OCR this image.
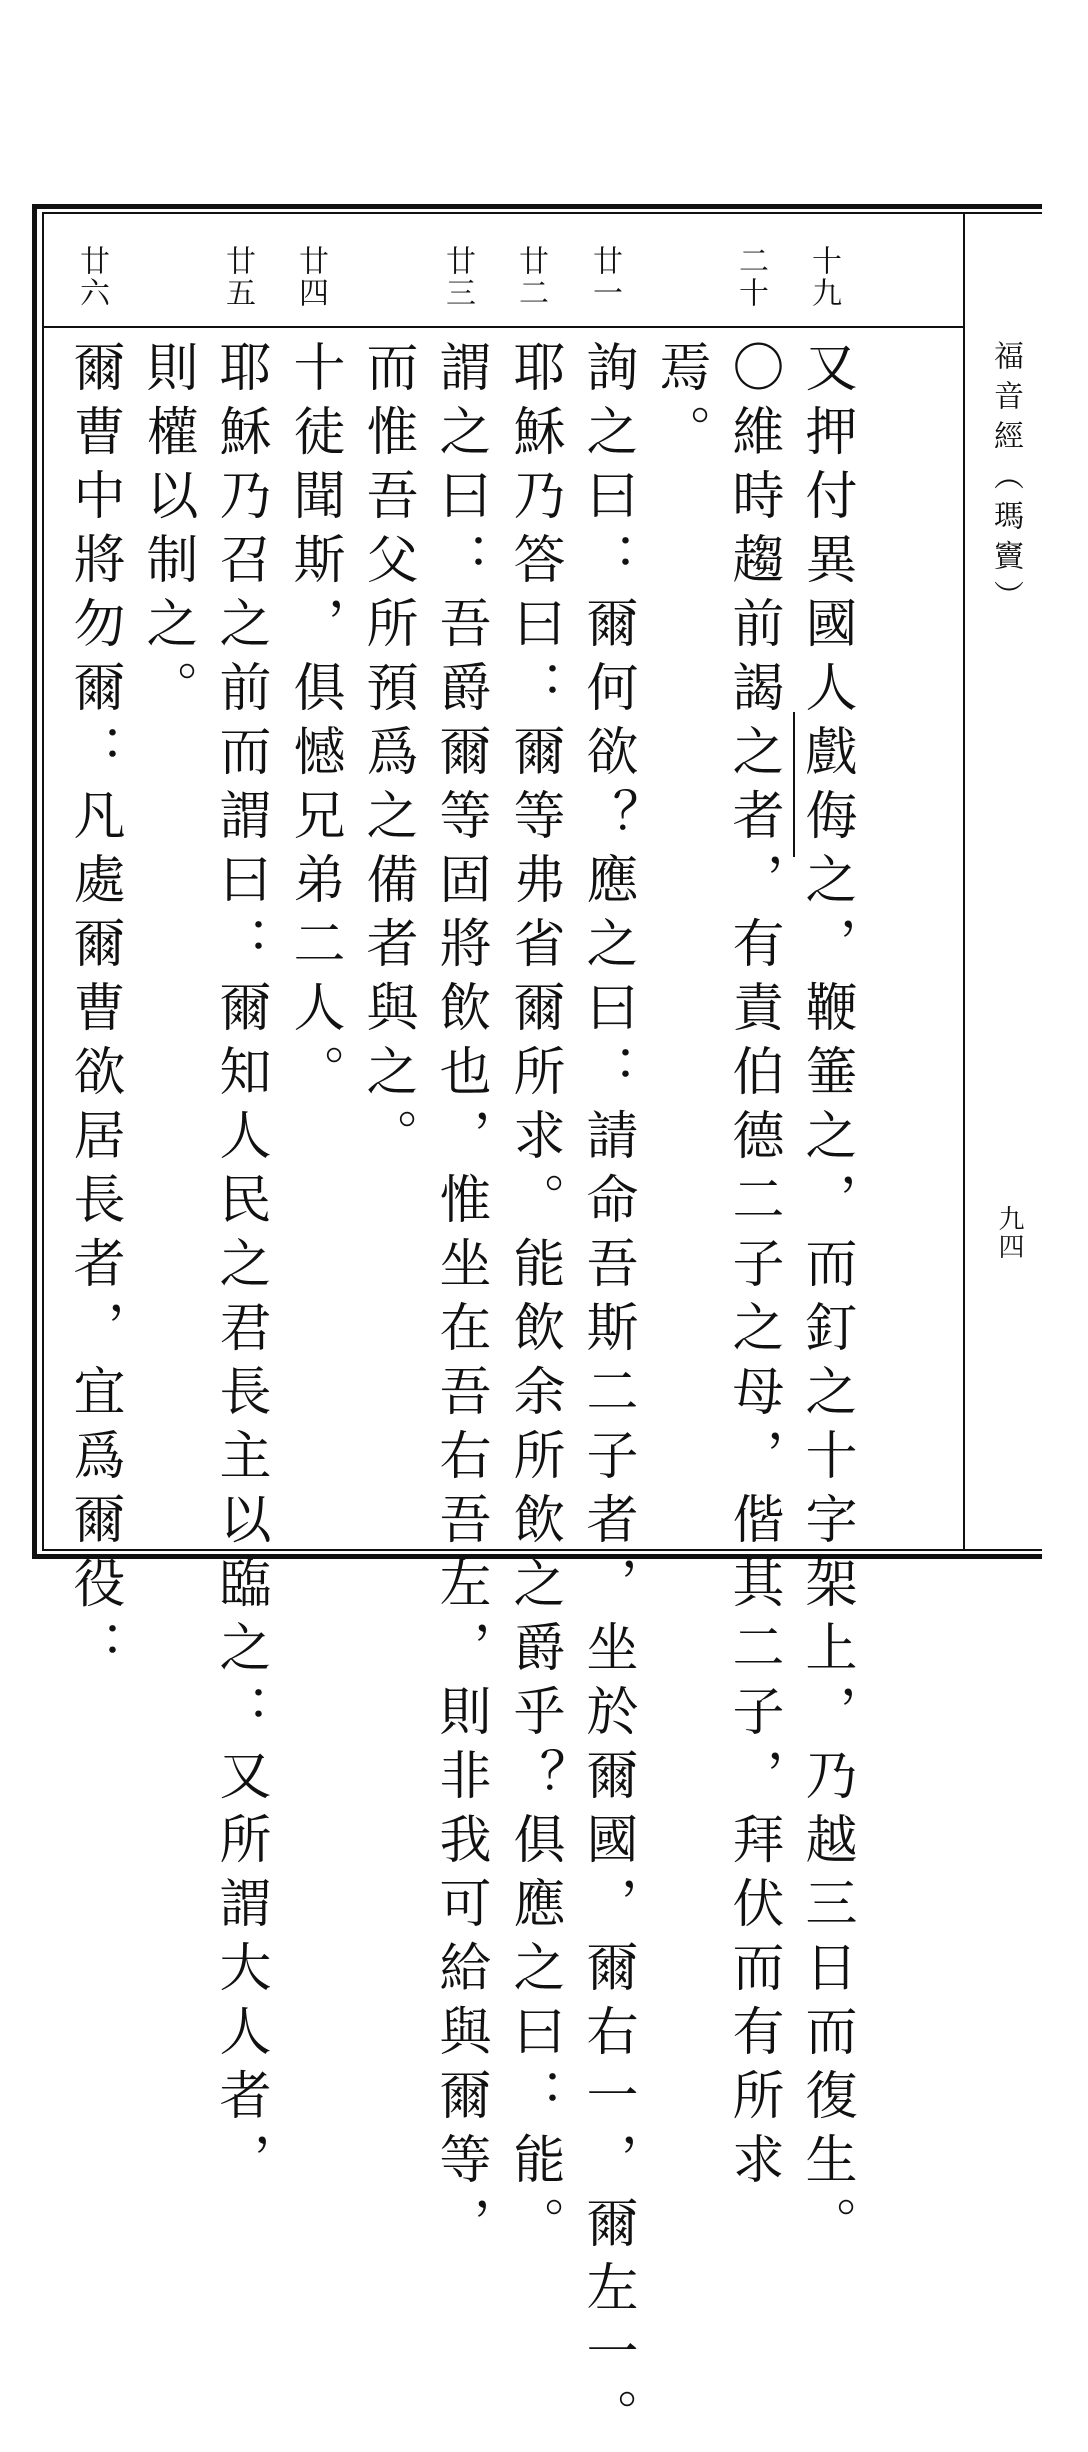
福音經（瑪竇）
九四
十九
二十
廿一
廿二
廿三
廿四
廿五
廿六
又押付異國人戲侮之，鞭箠之，而釘之十字架上，乃越三日而復生。
〇維時趨前謁之者，有責伯德二子之母，偕其二子，拜伏而有所求
焉。
詢之曰：爾何欲？應之曰：請命吾斯二子者，坐於爾國，爾右一，爾左一。
耶穌乃答曰：爾等弗省爾所求。能飲余所飲之爵乎？俱應之曰：能。
謂之曰：吾爵爾等固將飲也，惟坐在吾右吾左，則非我可給與爾等，
而惟吾父所預爲之備者與之。
十徒聞斯，俱憾兄弟二人。
耶穌乃召之前而謂曰：爾知人民之君長主以臨之：又所謂大人者，
則權以制之。
爾曹中將勿爾：凡處爾曹欲居長者，宜爲爾役：
